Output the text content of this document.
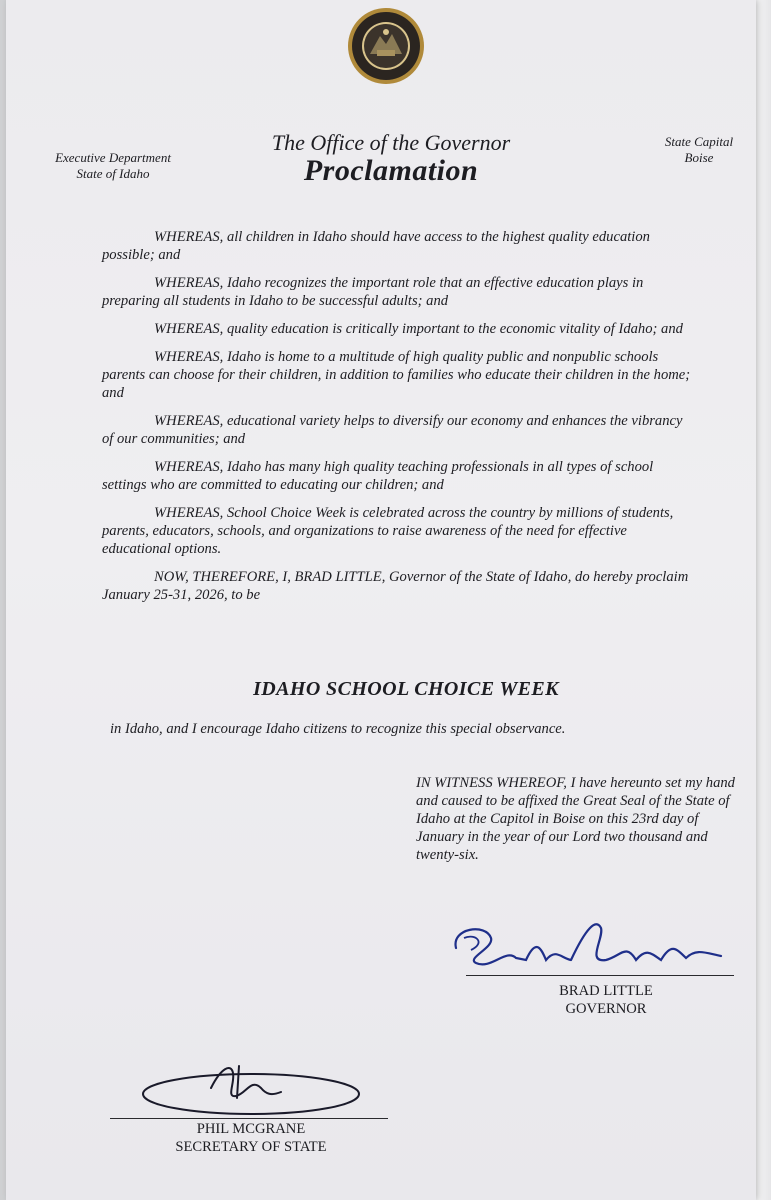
Executive Department
State of Idaho
State Capital
Boise
The Office of the Governor
Proclamation

WHEREAS, all children in Idaho should have access to the highest quality education possible; and

WHEREAS, Idaho recognizes the important role that an effective education plays in preparing all students in Idaho to be successful adults; and

WHEREAS, quality education is critically important to the economic vitality of Idaho; and

WHEREAS, Idaho is home to a multitude of high quality public and nonpublic schools parents can choose for their children, in addition to families who educate their children in the home; and

WHEREAS, educational variety helps to diversify our economy and enhances the vibrancy of our communities; and

WHEREAS, Idaho has many high quality teaching professionals in all types of school settings who are committed to educating our children; and

WHEREAS, School Choice Week is celebrated across the country by millions of students, parents, educators, schools, and organizations to raise awareness of the need for effective educational options.

NOW, THEREFORE, I, BRAD LITTLE, Governor of the State of Idaho, do hereby proclaim January 25-31, 2026, to be

IDAHO SCHOOL CHOICE WEEK
in Idaho, and I encourage Idaho citizens to recognize this special observance.
IN WITNESS WHEREOF, I have hereunto set my hand and caused to be affixed the Great Seal of the State of Idaho at the Capitol in Boise on this 23rd day of January in the year of our Lord two thousand and twenty-six.
BRAD LITTLE
GOVERNOR
PHIL MCGRANE
SECRETARY OF STATE
